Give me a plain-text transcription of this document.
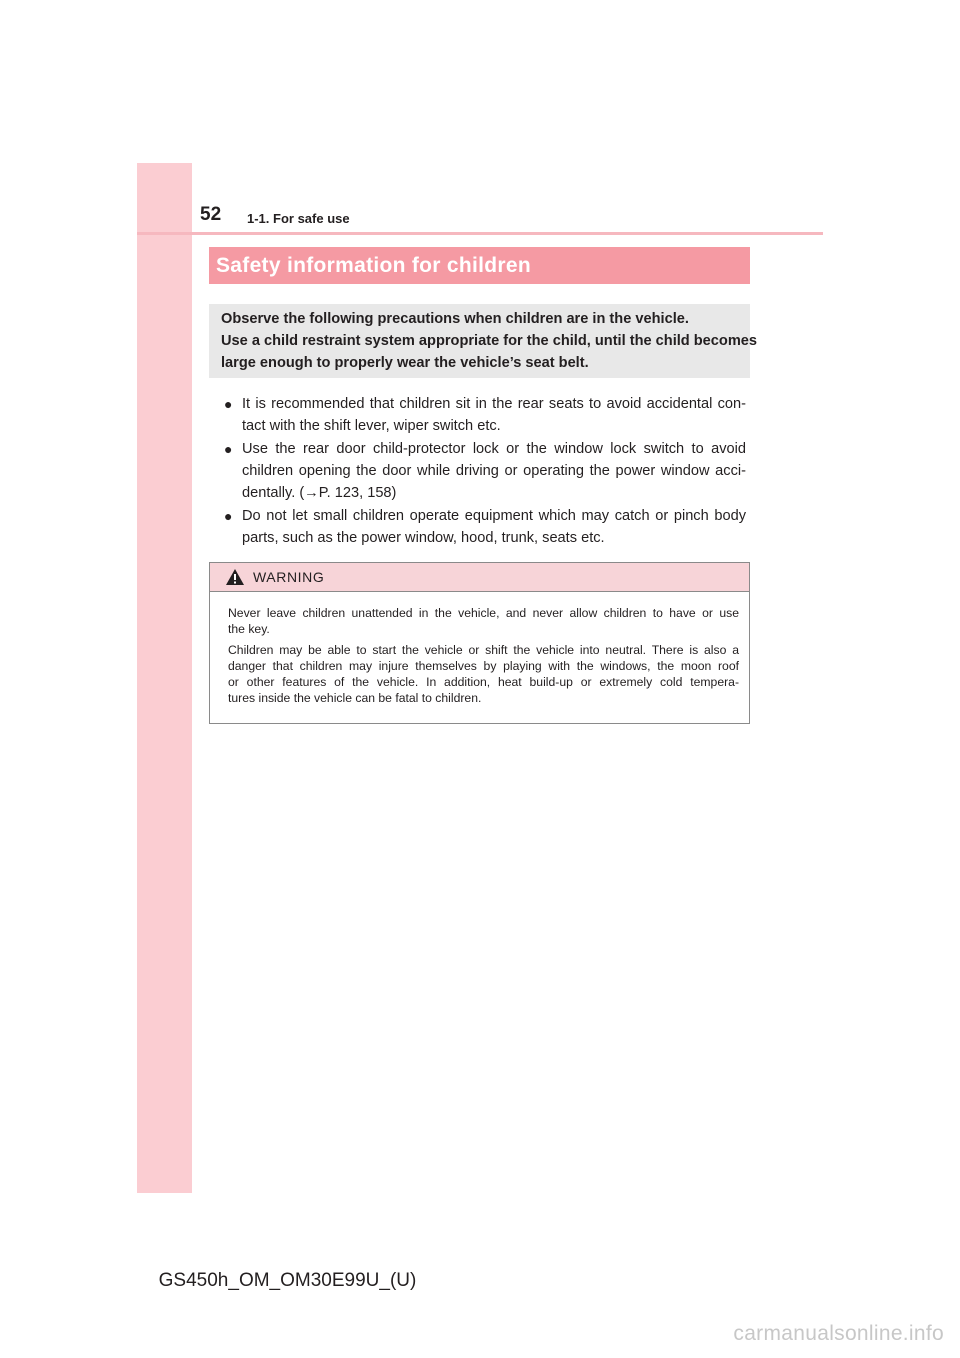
52 1-1. For safe use
Safety information for children
Observe the following precautions when children are in the vehicle.
Use a child restraint system appropriate for the child, until the child becomes
large enough to properly wear the vehicle’s seat belt.
● It is recommended that children sit in the rear seats to avoid accidental con-
tact with the shift lever, wiper switch etc.
● Use the rear door child-protector lock or the window lock switch to avoid
children opening the door while driving or operating the power window acci-
dentally. (→P. 123, 158)
● Do not let small children operate equipment which may catch or pinch body
parts, such as the power window, hood, trunk, seats etc.
WARNING

Never leave children unattended in the vehicle, and never allow children to have or use
the key.

Children may be able to start the vehicle or shift the vehicle into neutral. There is also a
danger that children may injure themselves by playing with the windows, the moon roof
or other features of the vehicle. In addition, heat build-up or extremely cold tempera-
tures inside the vehicle can be fatal to children.

GS450h_OM_OM30E99U_(U)
carmanualsonline.info
